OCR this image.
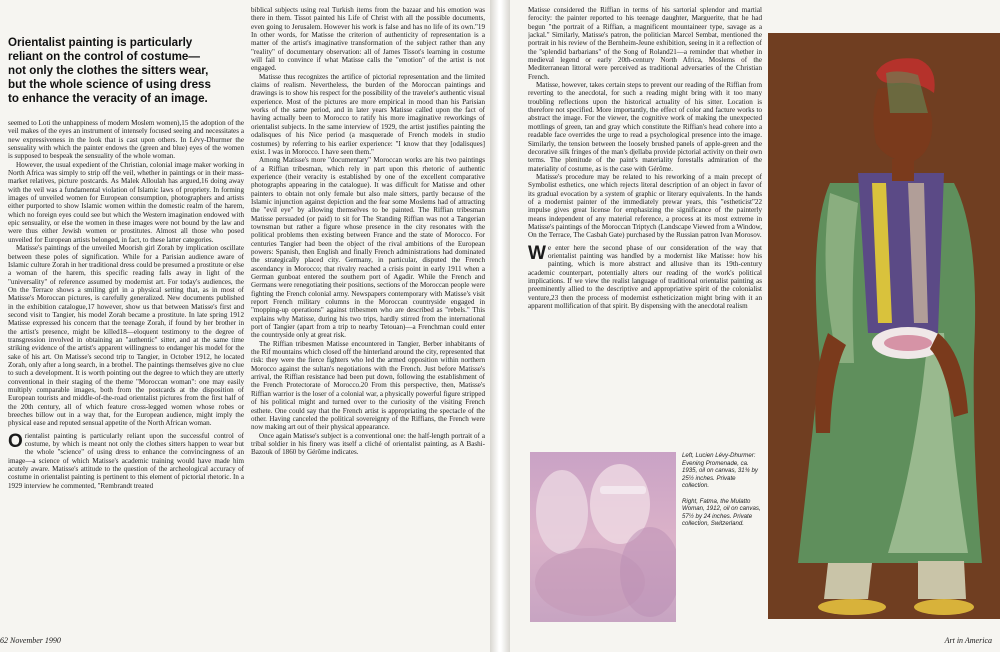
Orientalist painting is particularly reliant on the control of costume— not only the clothes the sitters wear, but the whole science of using dress to enhance the veracity of an image.

seemed to Loti the unhappiness of modern Moslem women),15 the adoption of the veil makes of the eyes an instrument of intensely focused seeing and necessitates a new expressiveness in the look that is cast upon others. In Lévy-Dhurmer the sensuality with which the painter endows the (green and blue) eyes of the women is supposed to bespeak the sensuality of the whole woman.

However, the usual expedient of the Christian, colonial image maker working in North Africa was simply to strip off the veil, whether in paintings or in their mass-market relatives, picture postcards. As Malek Alloulah has argued,16 doing away with the veil was a fundamental violation of Islamic laws of propriety. In forming images of unveiled women for European consumption, photographers and artists either purported to show Islamic women within the domestic realm of the harem, which no foreign eyes could see but which the Western imagination endowed with epic sensuality, or else the women in these images were not bound by the law and were thus either Jewish women or prostitutes. Almost all those who posed unveiled for European artists belonged, in fact, to these latter categories.

Matisse's paintings of the unveiled Moorish girl Zorah by implication oscillate between these poles of signification. While for a Parisian audience aware of Islamic culture Zorah in her traditional dress could be presumed a prostitute or else a woman of the harem, this specific reading falls away in light of the "universality" of reference assumed by modernist art. For today's audiences, the On the Terrace shows a smiling girl in a physical setting that, as in most of Matisse's Moroccan pictures, is carefully generalized. New documents published in the exhibition catalogue,17 however, show us that between Matisse's first and second visit to Tangier, his model Zorah became a prostitute. In late spring 1912 Matisse expressed his concern that the teenage Zorah, if found by her brother in the artist's presence, might be killed18—eloquent testimony to the degree of transgression involved in obtaining an "authentic" sitter, and at the same time striking evidence of the artist's apparent willingness to endanger his model for the sake of his art. On Matisse's second trip to Tangier, in October 1912, he located Zorah, only after a long search, in a brothel. The paintings themselves give no clue to such a development. It is worth pointing out the degree to which they are utterly conventional in their staging of the theme "Moroccan woman": one may easily multiply comparable images, both from the postcards at the disposition of European tourists and middle-of-the-road orientalist pictures from the first half of the 20th century, all of which feature cross-legged women whose robes or breeches billow out in a way that, for the European audience, might imply the physical ease and reputed sensual appetite of the North African woman.

Orientalist painting is particularly reliant upon the successful control of costume, by which is meant not only the clothes sitters happen to wear but the whole "science" of using dress to enhance the convincingness of an image—a science of which Matisse's academic training would have made him acutely aware. Matisse's attitude to the question of the archeological accuracy of costume in orientalist painting is pertinent to this element of pictorial rhetoric. In a 1929 interview he commented, "Rembrandt treated

biblical subjects using real Turkish items from the bazaar and his emotion was there in them. Tissot painted his Life of Christ with all the possible documents, even going to Jerusalem. However his work is false and has no life of its own."19 In other words, for Matisse the criterion of authenticity of representation is a matter of the artist's imaginative transformation of the subject rather than any "reality" of documentary observation: all of James Tissot's learning in costume will fail to convince if what Matisse calls the "emotion" of the artist is not engaged.

Matisse thus recognizes the artifice of pictorial representation and the limited claims of realism. Nevertheless, the burden of the Moroccan paintings and drawings is to show his respect for the possibility of the traveler's authentic visual experience. Most of the pictures are more empirical in mood than his Parisian works of the same period, and in later years Matisse called upon the fact of having actually been to Morocco to ratify his more imaginative reworkings of orientalist subjects. In the same interview of 1929, the artist justifies painting the odalisques of his Nice period (a masquerade of French models in studio costumes) by referring to his earlier experience: "I know that they [odalisques] exist. I was in Morocco. I have seen them."

Among Matisse's more "documentary" Moroccan works are his two paintings of a Riffian tribesman, which rely in part upon this rhetoric of authentic experience (their veracity is established by one of the excellent comparative photographs appearing in the catalogue). It was difficult for Matisse and other painters to obtain not only female but also male sitters, partly because of the Islamic injunction against depiction and the fear some Moslems had of attracting the "evil eye" by allowing themselves to be painted. The Riffian tribesman Matisse persuaded (or paid) to sit for The Standing Riffian was not a Tangerian townsman but rather a figure whose presence in the city resonates with the political problems then existing between France and the state of Morocco. For centuries Tangier had been the object of the rival ambitions of the European powers: Spanish, then English and finally French administrations had dominated the strategically placed city. Germany, in particular, disputed the French ascendancy in Morocco; that rivalry reached a crisis point in early 1911 when a German gunboat entered the southern port of Agadir. While the French and Germans were renegotiating their positions, sections of the Moroccan people were fighting the French colonial army. Newspapers contemporary with Matisse's visit report French military columns in the Moroccan countryside engaged in "mopping-up operations" against tribesmen who are described as "rebels." This explains why Matisse, during his two trips, hardly stirred from the international port of Tangier (apart from a trip to nearby Tetouan)—a Frenchman could enter the countryside only at great risk.

The Riffian tribesmen Matisse encountered in Tangier, Berber inhabitants of the Rif mountains which closed off the hinterland around the city, represented that risk: they were the fierce fighters who led the armed opposition within northern Morocco against the sultan's negotiations with the French. Just before Matisse's arrival, the Riffian resistance had been put down, following the establishment of the French Protectorate of Morocco.20 From this perspective, then, Matisse's Riffian warrior is the loser of a colonial war, a physically powerful figure stripped of his political might and turned over to the curiosity of the visiting French esthete. One could say that the French artist is appropriating the spectacle of the other. Having canceled the political sovereignty of the Riffians, the French were now making art out of their physical appearance.

Once again Matisse's subject is a conventional one: the half-length portrait of a tribal soldier in his finery was itself a cliché of orientalist painting, as A Bashi-Bazouk of 1860 by Gérôme indicates.

62 November 1990

Matisse considered the Riffian in terms of his sartorial splendor and martial ferocity: the painter reported to his teenage daughter, Marguerite, that he had begun "the portrait of a Riffian, a magnificent mountaineer type, savage as a jackal." Similarly, Matisse's patron, the politician Marcel Sembat, mentioned the portrait in his review of the Bernheim-Jeune exhibition, seeing in it a reflection of the "splendid barbarians" of the Song of Roland21—a reminder that whether in medieval legend or early 20th-century North Africa, Moslems of the Mediterranean littoral were perceived as traditional adversaries of the Christian French.

Matisse, however, takes certain steps to prevent our reading of the Riffian from reverting to the anecdotal, for such a reading might bring with it too many troubling reflections upon the historical actuality of his sitter. Location is therefore not specified. More importantly, the effect of color and facture works to abstract the image. For the viewer, the cognitive work of making the unexpected mottlings of green, tan and gray which constitute the Riffian's head cohere into a readable face overrides the urge to read a psychological presence into the image. Similarly, the tension between the loosely brushed panels of apple-green and the decorative silk fringes of the man's djellaba provide pictorial activity on their own terms. The plenitude of the paint's materiality forestalls admiration of the materiality of costume, as is the case with Gérôme.

Matisse's procedure may be related to his reworking of a main precept of Symbolist esthetics, one which rejects literal description of an object in favor of its gradual evocation by a system of graphic or literary equivalents. In the hands of a modernist painter of the immediately prewar years, this "estheticist"22 impulse gives great license for emphasizing the significance of the painterly means independent of any material reference, a process at its most extreme in Matisse's paintings of the Moroccan Triptych (Landscape Viewed from a Window, On the Terrace, The Casbah Gate) purchased by the Russian patron Ivan Morosov.

We enter here the second phase of our consideration of the way that orientalist painting was handled by a modernist like Matisse: how his painting, which is more abstract and allusive than its 19th-century academic counterpart, potentially alters our reading of the work's political implications. If we view the realist language of traditional orientalist painting as preeminently allied to the descriptive and appropriative spirit of the colonialist venture,23 then the process of modernist estheticization might bring with it an apparent mollification of that spirit. By dispensing with the anecdotal realism

Left, Lucien Lévy-Dhurmer: Evening Promenade, ca. 1935, oil on canvas, 31¾ by 25½ inches. Private collection.

Right, Fatma, the Mulatto Woman, 1912, oil on canvas, 57½ by 24 inches. Private collection, Switzerland.

Art in America
